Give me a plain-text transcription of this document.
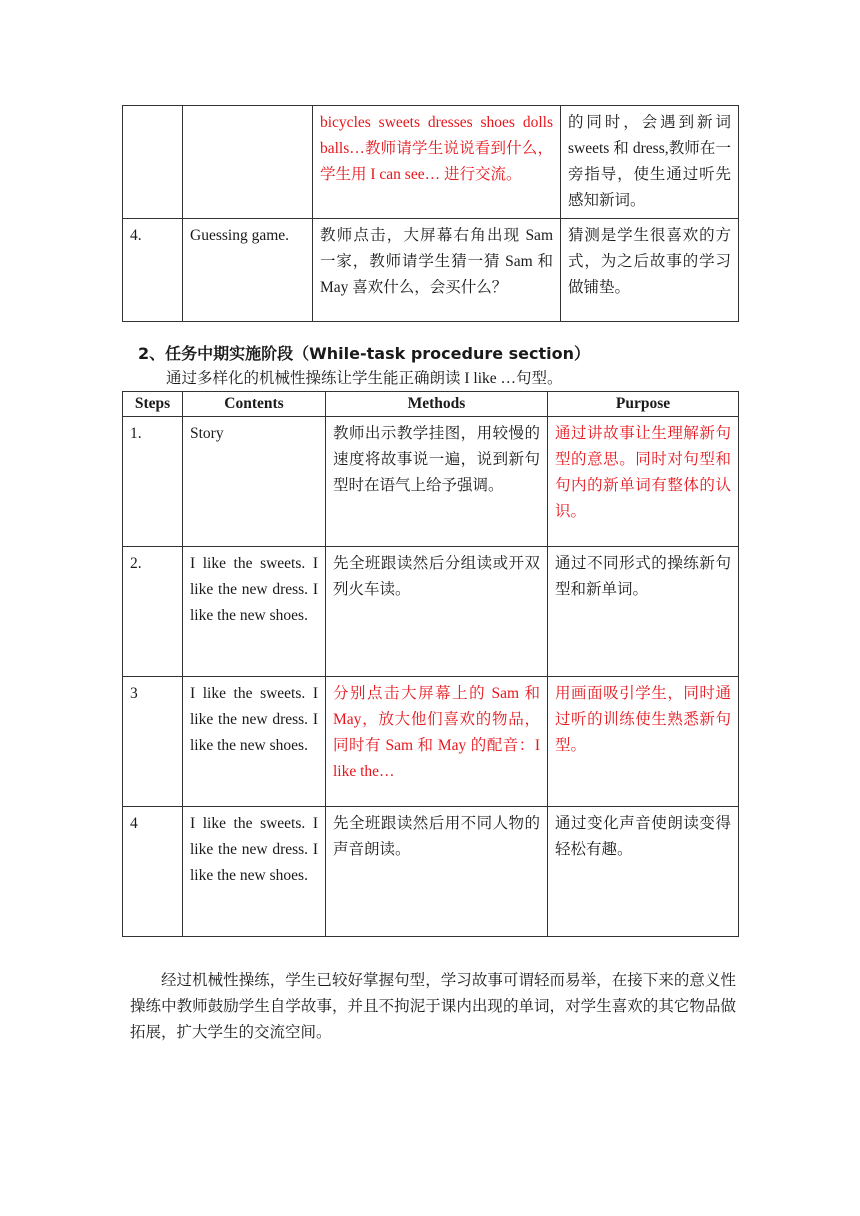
		bicycles sweets dresses shoes dolls balls…教师请学生说说看到什么，学生用 I can see… 进行交流。	的同时，会遇到新词 sweets 和 dress,教师在一旁指导，使生通过听先感知新词。
4.	Guessing game.	教师点击，大屏幕右角出现 Sam 一家，教师请学生猜一猜 Sam 和 May 喜欢什么，会买什么？	猜测是学生很喜欢的方式，为之后故事的学习做铺垫。
2、任务中期实施阶段（While-task procedure section）
通过多样化的机械性操练让学生能正确朗读 I like …句型。
Steps	Contents	Methods	Purpose
1.	Story	教师出示教学挂图，用较慢的速度将故事说一遍，说到新句型时在语气上给予强调。	通过讲故事让生理解新句型的意思。同时对句型和句内的新单词有整体的认识。
2.	I like the sweets. I like the new dress. I like the new shoes.	先全班跟读然后分组读或开双列火车读。	通过不同形式的操练新句型和新单词。
3	I like the sweets. I like the new dress. I like the new shoes.	分别点击大屏幕上的 Sam 和 May，放大他们喜欢的物品，同时有 Sam 和 May 的配音：I like the…	用画面吸引学生，同时通过听的训练使生熟悉新句型。
4	I like the sweets. I like the new dress. I like the new shoes.	先全班跟读然后用不同人物的声音朗读。	通过变化声音使朗读变得轻松有趣。

经过机械性操练，学生已较好掌握句型，学习故事可谓轻而易举，在接下来的意义性操练中教师鼓励学生自学故事，并且不拘泥于课内出现的单词，对学生喜欢的其它物品做拓展，扩大学生的交流空间。
